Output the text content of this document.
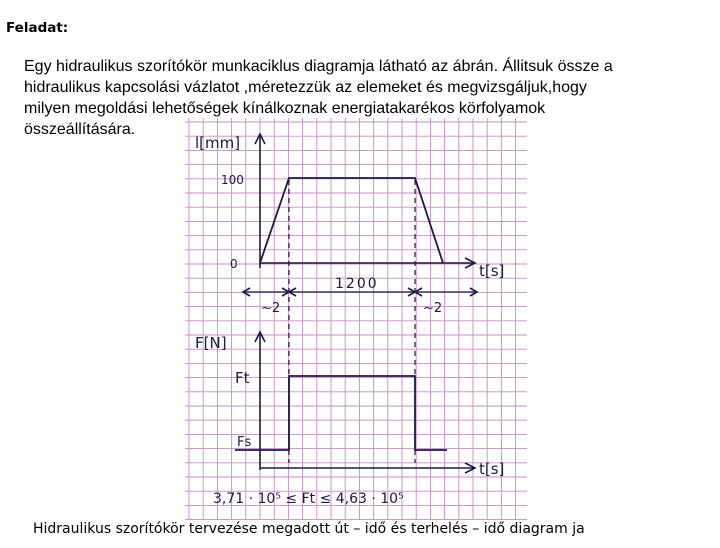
Feladat:
Egy hidraulikus szorítókör munkaciklus diagramja látható az ábrán. Állitsuk össze a
hidraulikus kapcsolási vázlatot ,méretezzük az elemeket és megvizsgáljuk,hogy
milyen megoldási lehetőségek kínálkoznak energiatakarékos körfolyamok
összeállítására.
l[mm]
100
0	t[s]
1200
~2	~2
F[N]
Ft
Fs
t[s]
3,71 · 10⁵ ≤ Ft ≤ 4,63 · 10⁵
Hidraulikus szorítókör tervezése megadott út – idő és terhelés – idő diagram ja
